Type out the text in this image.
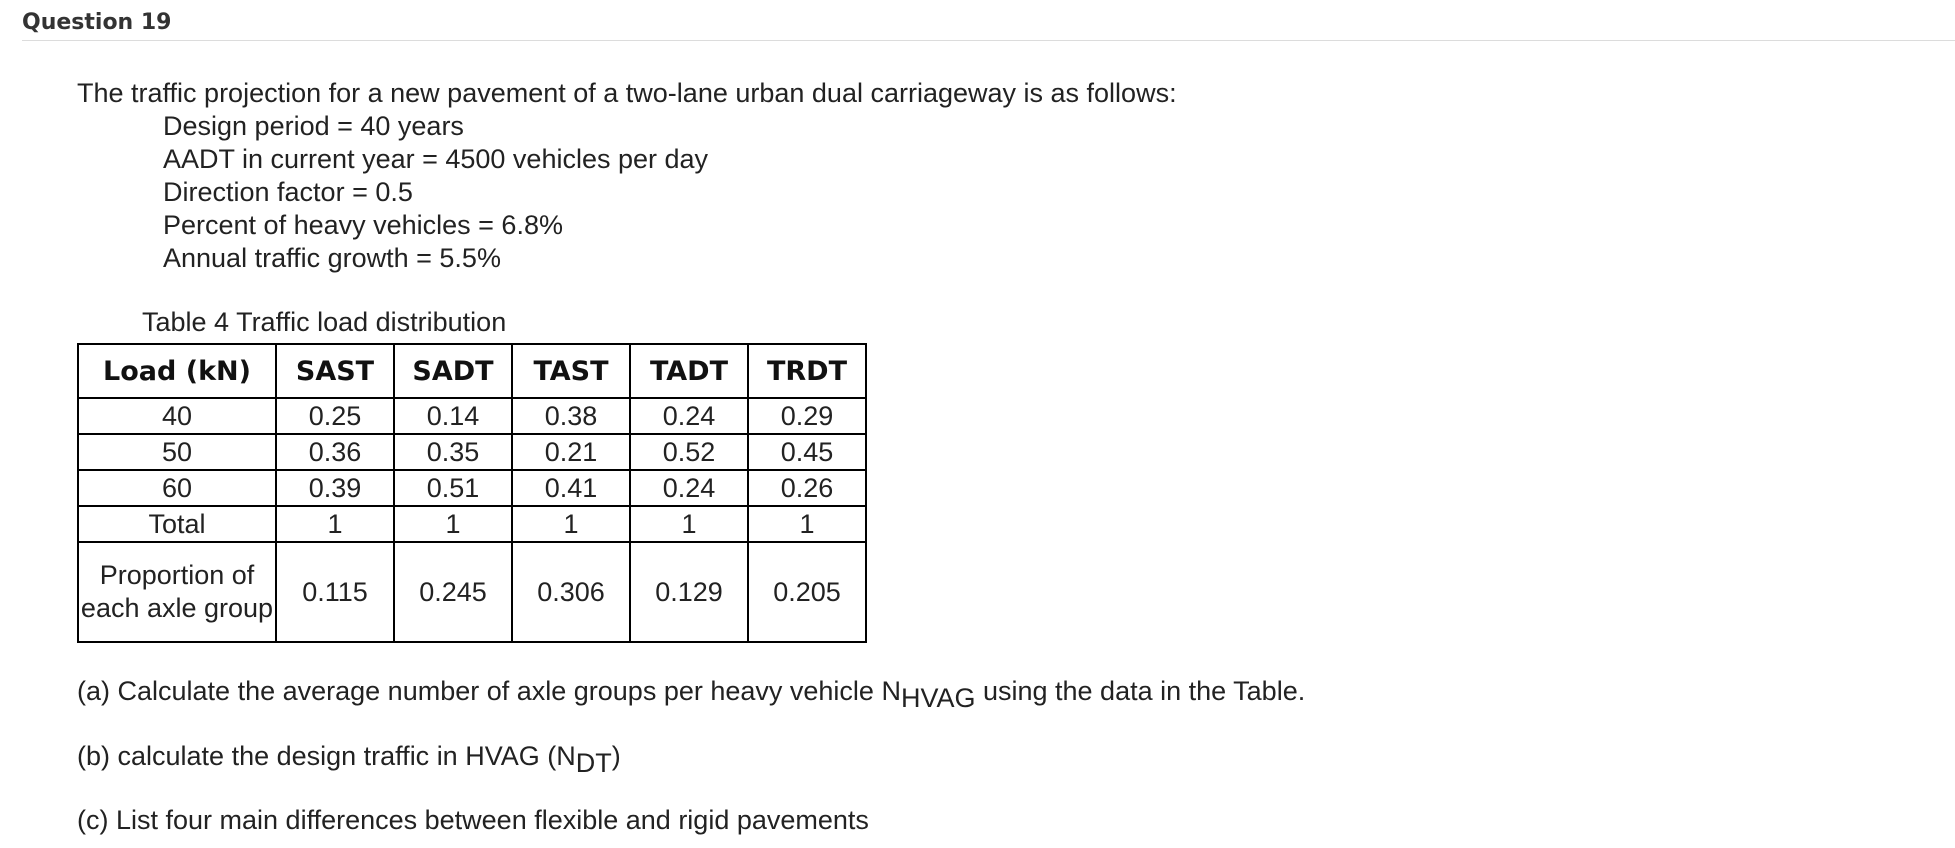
Question 19

The traffic projection for a new pavement of a two-lane urban dual carriageway is as follows:

Design period = 40 years
AADT in current year = 4500 vehicles per day
Direction factor = 0.5
Percent of heavy vehicles = 6.8%
Annual traffic growth = 5.5%
Table 4 Traffic load distribution
Load (kN)	SAST	SADT	TAST	TADT	TRDT
40	0.25	0.14	0.38	0.24	0.29
50	0.36	0.35	0.21	0.52	0.45
60	0.39	0.51	0.41	0.24	0.26
Total	1	1	1	1	1
Proportion of each axle group	0.115	0.245	0.306	0.129	0.205

(a) Calculate the average number of axle groups per heavy vehicle $N_{HVAG}$ using the data in the Table.

(b) calculate the design traffic in HVAG $(N_{DT})$

(c) List four main differences between flexible and rigid pavements
